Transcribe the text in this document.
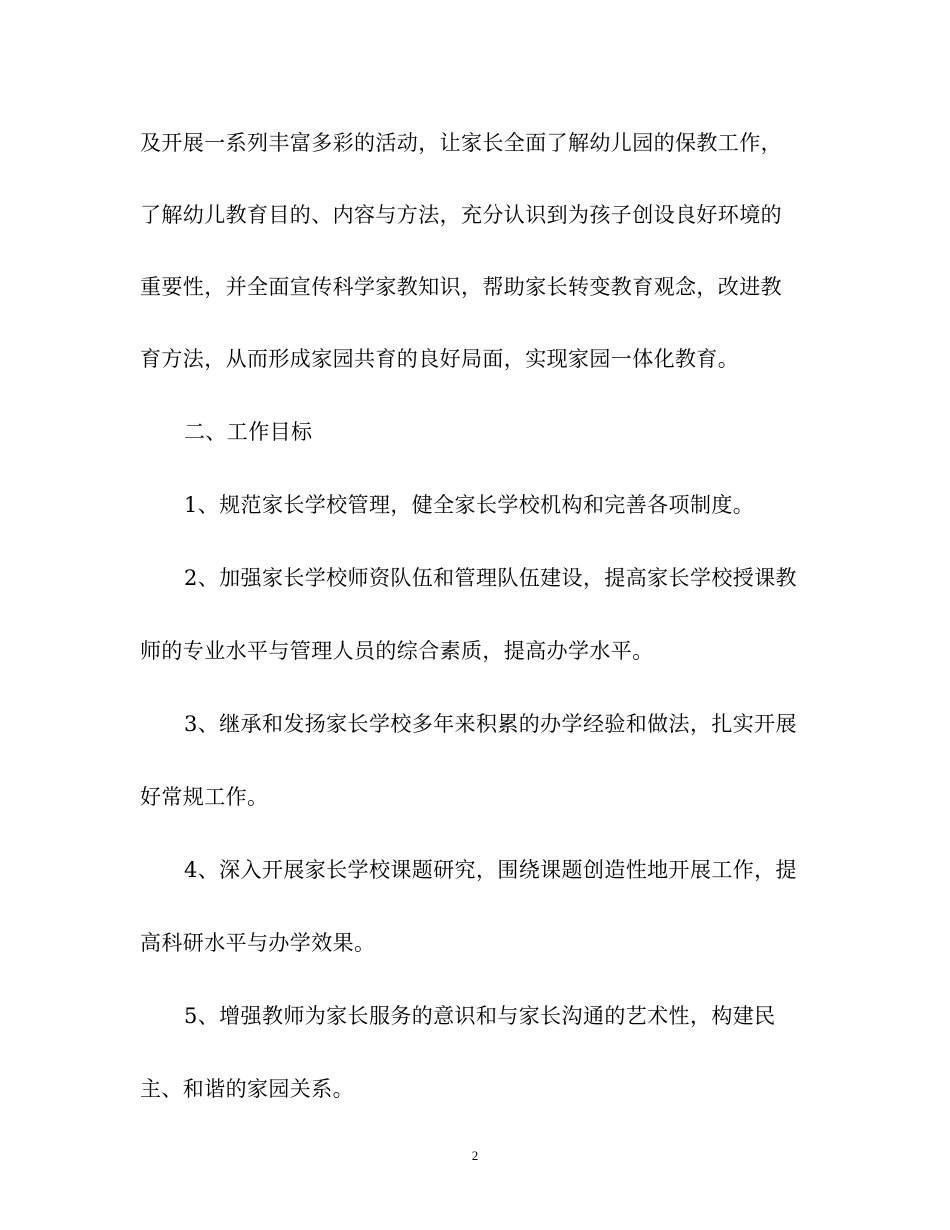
及开展一系列丰富多彩的活动，让家长全面了解幼儿园的保教工作，
了解幼儿教育目的、内容与方法，充分认识到为孩子创设良好环境的
重要性，并全面宣传科学家教知识，帮助家长转变教育观念，改进教
育方法，从而形成家园共育的良好局面，实现家园一体化教育。
二、工作目标
1、规范家长学校管理，健全家长学校机构和完善各项制度。
2、加强家长学校师资队伍和管理队伍建设，提高家长学校授课教
师的专业水平与管理人员的综合素质，提高办学水平。
3、继承和发扬家长学校多年来积累的办学经验和做法，扎实开展
好常规工作。
4、深入开展家长学校课题研究，围绕课题创造性地开展工作，提
高科研水平与办学效果。
5、增强教师为家长服务的意识和与家长沟通的艺术性，构建民
主、和谐的家园关系。
2
